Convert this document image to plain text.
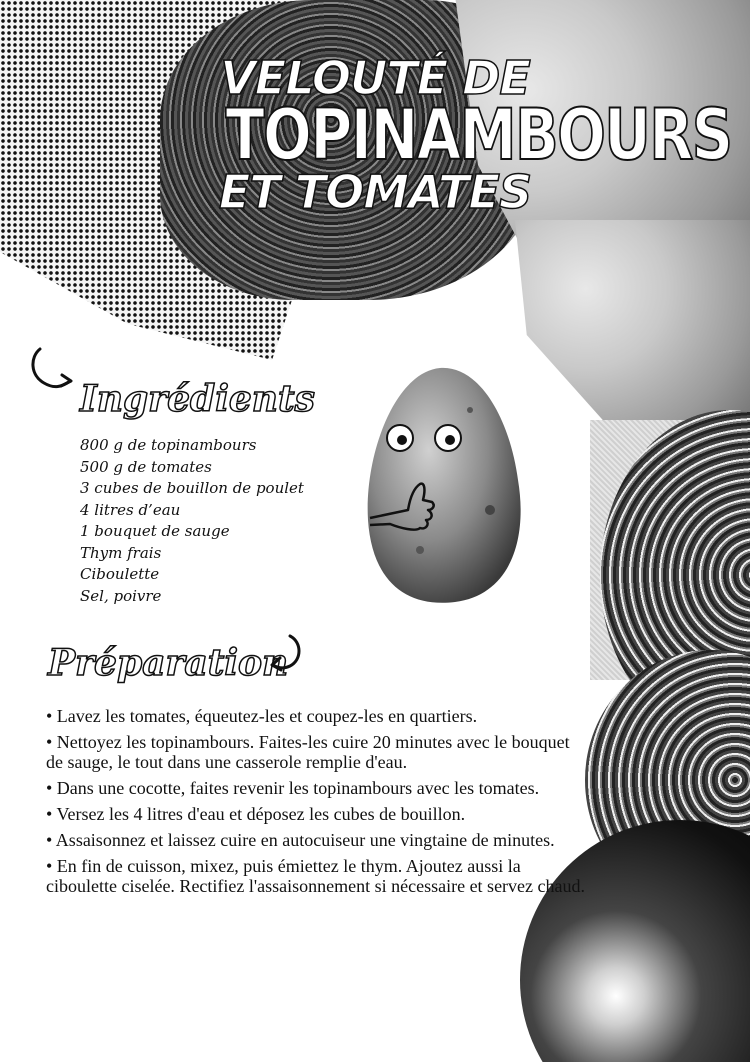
VELOUTÉ DE
TOPINAMBOURS
ET TOMATES
Ingrédients
800 g de topinambours
500 g de tomates
3 cubes de bouillon de poulet
4 litres d’eau
1 bouquet de sauge
Thym frais
Ciboulette
Sel, poivre
Préparation
• Lavez les tomates, équeutez-les et coupez-les en quartiers.
• Nettoyez les topinambours. Faites-les cuire 20 minutes avec le bouquet de sauge, le tout dans une casserole remplie d'eau.
• Dans une cocotte, faites revenir les topinambours avec les tomates.
• Versez les 4 litres d'eau et déposez les cubes de bouillon.
• Assaisonnez et laissez cuire en autocuiseur une vingtaine de minutes.
• En fin de cuisson, mixez, puis émiettez le thym. Ajoutez aussi la ciboulette ciselée. Rectifiez l'assaisonnement si nécessaire et servez chaud.
